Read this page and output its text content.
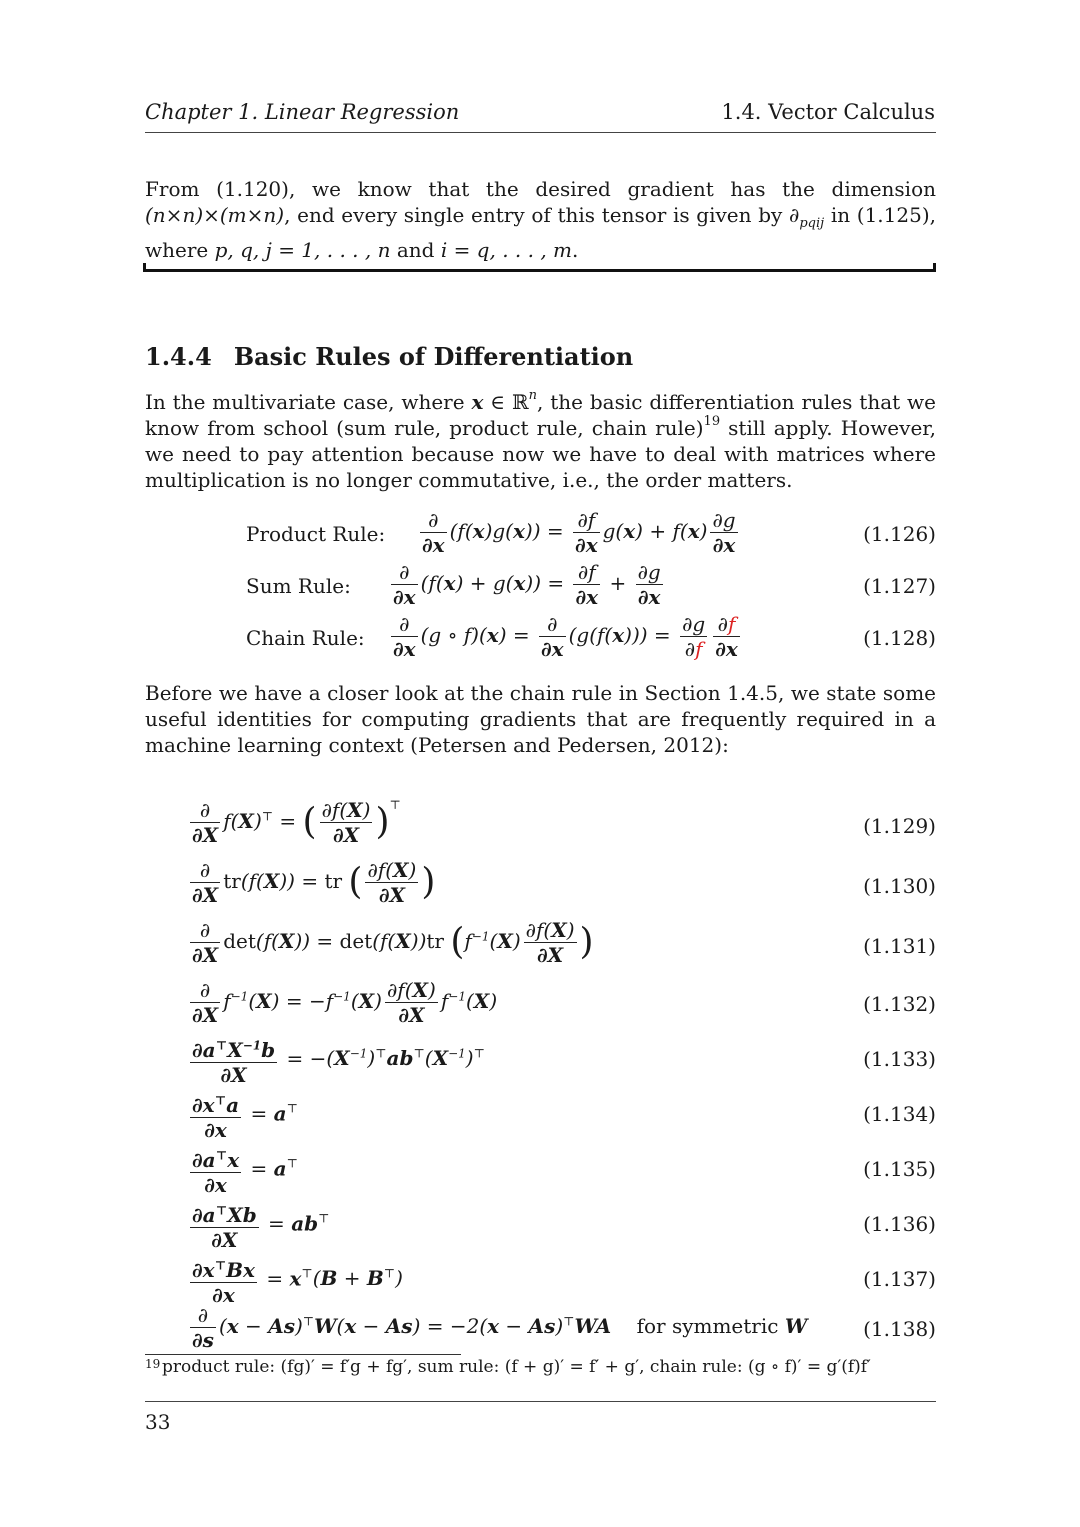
Chapter 1. Linear Regression	1.4. Vector Calculus
From (1.120), we know that the desired gradient has the dimension (n×n)×(m×n), end every single entry of this tensor is given by $\partial_{pqij}$ in (1.125), where p, q, j = 1, . . . , n and i = q, . . . , m.
1.4.4 Basic Rules of Differentiation
In the multivariate case, where x ∈ ℝ$^n$, the basic differentiation rules that we know from school (sum rule, product rule, chain rule)$^{19}$ still apply. However, we need to pay attention because now we have to deal with matrices where multiplication is no longer commutative, i.e., the order matters.
Product Rule:
∂
∂x
$(f(x)g(x)) = \frac{\partial f}{\partial x} g(x) + f(x) \frac{\partial g}{\partial x}$	(1.126)
Sum Rule:
∂
∂x
$(f(x) + g(x)) = \frac{\partial f}{\partial x} + \frac{\partial g}{\partial x}$	(1.127)
Chain Rule:
∂
∂x
(g ∘ f)(x) = ∂
∂x
$(g(f(x))) = \frac{\partial g}{\partial f} \frac{\partial f}{\partial x}$	(1.128)
Before we have a closer look at the chain rule in Section 1.4.5, we state some useful identities for computing gradients that are frequently required in a machine learning context (Petersen and Pedersen, 2012):
∂
∂X
f(X)⊤ = ( $\frac{\partial f(X)}{\partial X} )^⊤$
(1.129)
∂
∂X
tr(f(X)) = tr ( $\frac{\partial f(X)}{\partial X}$ )	(1.130)
∂
∂X
det(f(X)) = det(f(X))tr ($f^{-1}(X) \frac{\partial f(X)}{\partial X}$ )	(1.131)
∂
∂X
$f^{-1}(X) = -f^{-1}(X) \frac{\partial f(X)}{\partial X} f^{-1}(X)$	(1.132)
$\frac{\partial a^⊤X^{-1}b}{\partial X} = -(X^{-1})^⊤ab^⊤(X^{-1})^⊤$	(1.133)
$\frac{\partial x^⊤a}{\partial x} = a^⊤$	(1.134)
$\frac{\partial a^⊤x}{\partial x} = a^⊤$	(1.135)
$\frac{\partial a^⊤Xb}{\partial X} = ab^⊤$	(1.136)
$\frac{\partial x^⊤Bx}{\partial x} = x^⊤(B + B^⊤)$	(1.137)
∂
∂s
(x − As)⊤W(x − As) = −2(x − As)⊤WA for symmetric W	(1.138)
19 product rule: (fg)′ = f′g + fg′, sum rule: (f + g)′ = f′ + g′, chain rule: (g ∘ f)′ = g′(f)f′
33
